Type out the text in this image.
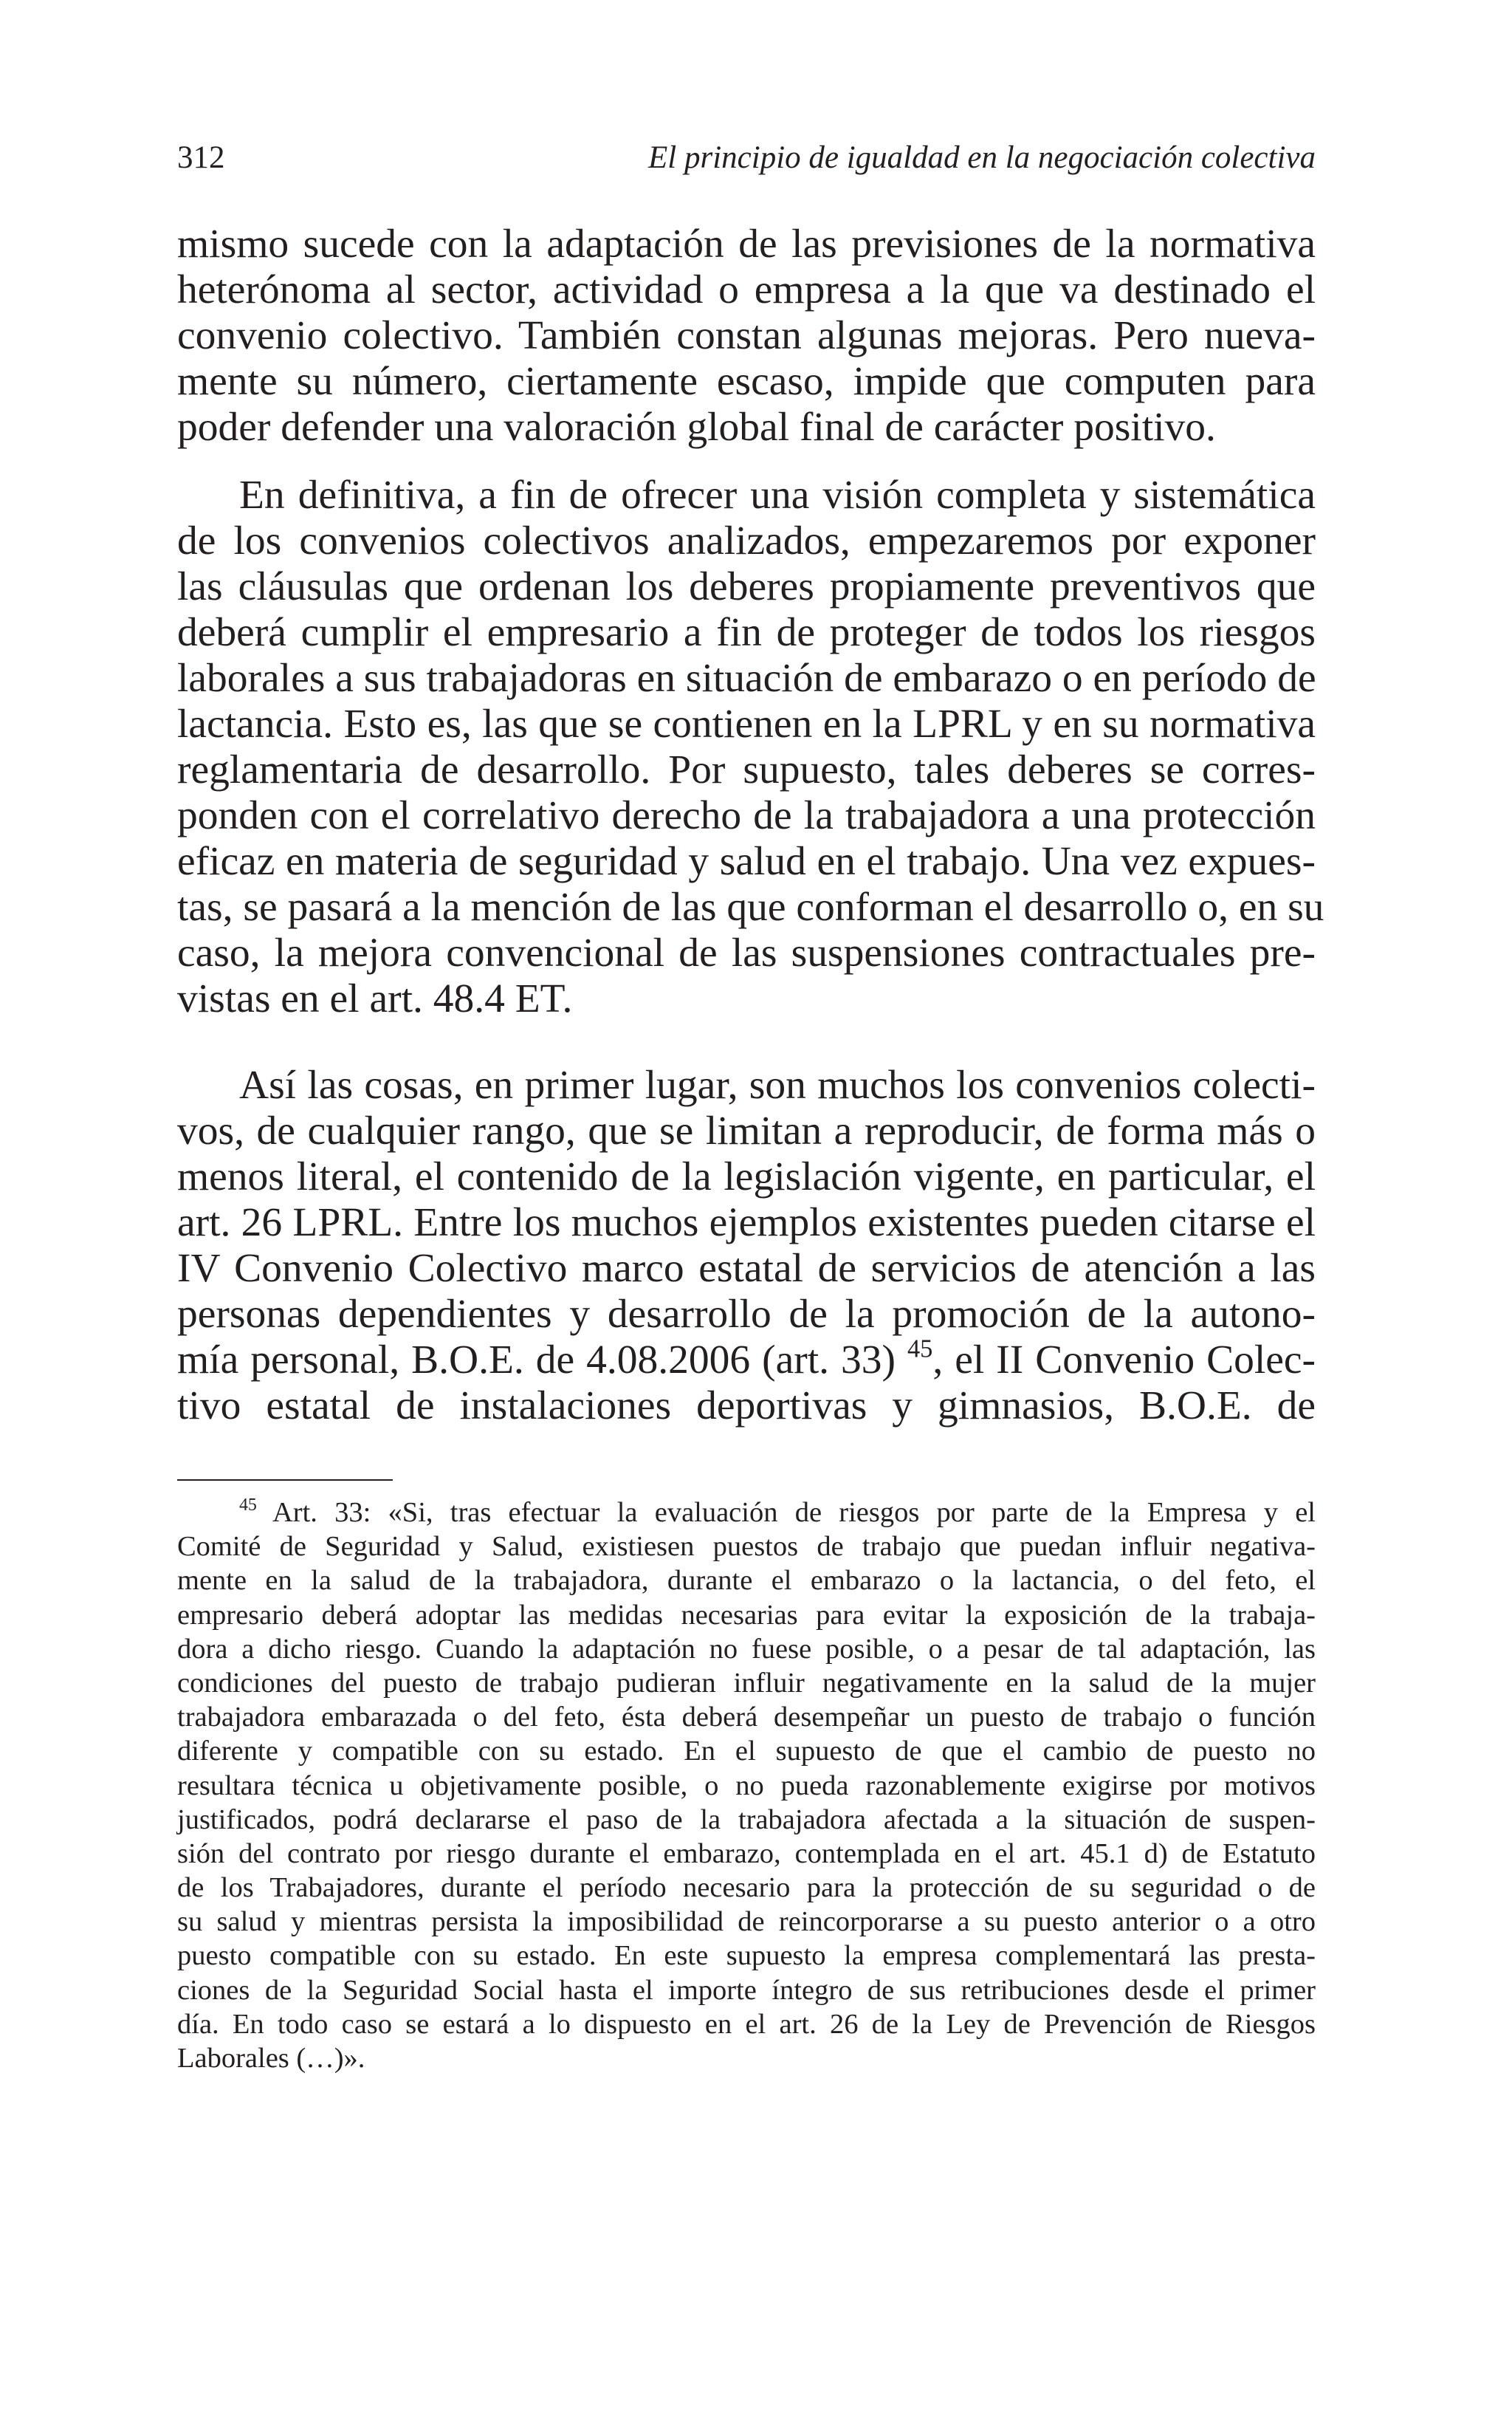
312	El principio de igualdad en la negociación colectiva
mismo sucede con la adaptación de las previsiones de la normativa
heterónoma al sector, actividad o empresa a la que va destinado el
convenio colectivo. También constan algunas mejoras. Pero nueva-
mente su número, ciertamente escaso, impide que computen para
poder defender una valoración global final de carácter positivo.
En definitiva, a fin de ofrecer una visión completa y sistemática
de los convenios colectivos analizados, empezaremos por exponer
las cláusulas que ordenan los deberes propiamente preventivos que
deberá cumplir el empresario a fin de proteger de todos los riesgos
laborales a sus trabajadoras en situación de embarazo o en período de
lactancia. Esto es, las que se contienen en la LPRL y en su normativa
reglamentaria de desarrollo. Por supuesto, tales deberes se corres-
ponden con el correlativo derecho de la trabajadora a una protección
eficaz en materia de seguridad y salud en el trabajo. Una vez expues-
tas, se pasará a la mención de las que conforman el desarrollo o, en su
caso, la mejora convencional de las suspensiones contractuales pre-
vistas en el art. 48.4 ET.
Así las cosas, en primer lugar, son muchos los convenios colecti-
vos, de cualquier rango, que se limitan a reproducir, de forma más o
menos literal, el contenido de la legislación vigente, en particular, el
art. 26 LPRL. Entre los muchos ejemplos existentes pueden citarse el
IV Convenio Colectivo marco estatal de servicios de atención a las
personas dependientes y desarrollo de la promoción de la autono-
mía personal, B.O.E. de 4.08.2006 (art. 33) $^{45}$, el II Convenio Colec-
tivo estatal de instalaciones deportivas y gimnasios, B.O.E. de
$^{45}$ Art. 33: «Si, tras efectuar la evaluación de riesgos por parte de la Empresa y el
Comité de Seguridad y Salud, existiesen puestos de trabajo que puedan influir negativa-
mente en la salud de la trabajadora, durante el embarazo o la lactancia, o del feto, el
empresario deberá adoptar las medidas necesarias para evitar la exposición de la trabaja-
dora a dicho riesgo. Cuando la adaptación no fuese posible, o a pesar de tal adaptación, las
condiciones del puesto de trabajo pudieran influir negativamente en la salud de la mujer
trabajadora embarazada o del feto, ésta deberá desempeñar un puesto de trabajo o función
diferente y compatible con su estado. En el supuesto de que el cambio de puesto no
resultara técnica u objetivamente posible, o no pueda razonablemente exigirse por motivos
justificados, podrá declararse el paso de la trabajadora afectada a la situación de suspen-
sión del contrato por riesgo durante el embarazo, contemplada en el art. 45.1 d) de Estatuto
de los Trabajadores, durante el período necesario para la protección de su seguridad o de
su salud y mientras persista la imposibilidad de reincorporarse a su puesto anterior o a otro
puesto compatible con su estado. En este supuesto la empresa complementará las presta-
ciones de la Seguridad Social hasta el importe íntegro de sus retribuciones desde el primer
día. En todo caso se estará a lo dispuesto en el art. 26 de la Ley de Prevención de Riesgos
Laborales (…)».
